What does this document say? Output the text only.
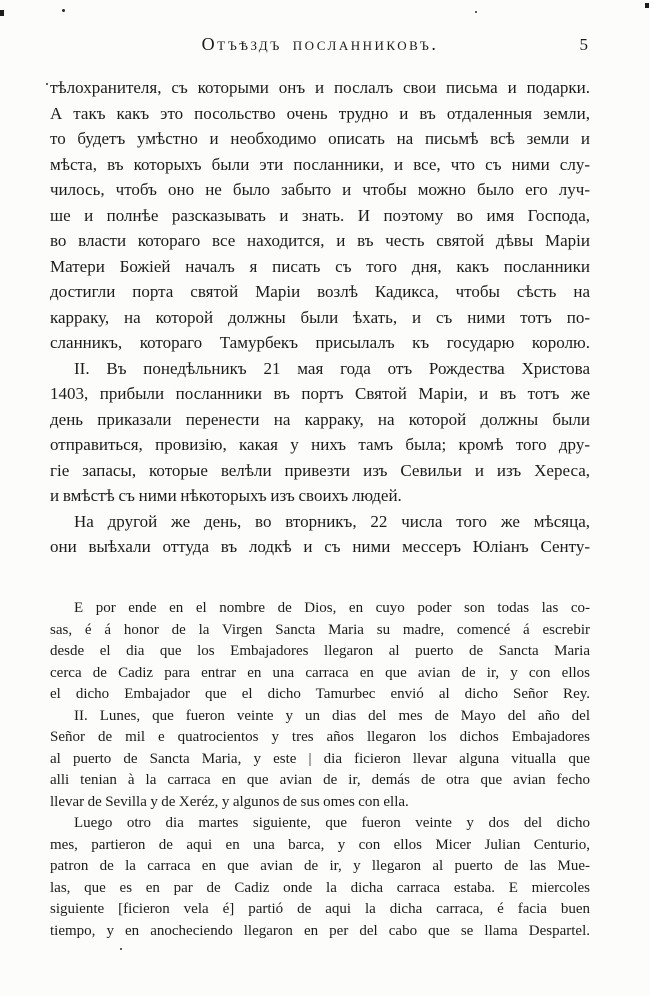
Отъѣздъ посланниковъ.	5
тѣлохранителя, съ которыми онъ и послалъ свои письма и подарки.
А такъ какъ это посольство очень трудно и въ отдаленныя земли,
то будетъ умѣстно и необходимо описать на письмѣ всѣ земли и
мѣста, въ которыхъ были эти посланники, и все, что съ ними слу-
чилось, чтобъ оно не было забыто и чтобы можно было его луч-
ше и полнѣе разсказывать и знать. И поэтому во имя Господа,
во власти котораго все находится, и въ честь святой дѣвы Маріи
Матери Божіей началъ я писать съ того дня, какъ посланники
достигли порта святой Маріи возлѣ Кадикса, чтобы сѣсть на
карраку, на которой должны были ѣхать, и съ ними тотъ по-
сланникъ, котораго Тамурбекъ присылалъ къ государю королю.
II. Въ понедѣльникъ 21 мая года отъ Рождества Христова
1403, прибыли посланники въ портъ Святой Маріи, и въ тотъ же
день приказали перенести на карраку, на которой должны были
отправиться, провизію, какая у нихъ тамъ была; кромѣ того дру-
гіе запасы, которые велѣли привезти изъ Севильи и изъ Хереса,
и вмѣстѣ съ ними нѣкоторыхъ изъ своихъ людей.
На другой же день, во вторникъ, 22 числа того же мѣсяца,
они выѣхали оттуда въ лодкѣ и съ ними мессеръ Юліанъ Сенту-
E por ende en el nombre de Dios, en cuyo poder son todas las co-
sas, é á honor de la Virgen Sancta Maria su madre, comencé á escrebir
desde el dia que los Embajadores llegaron al puerto de Sancta Maria
cerca de Cadiz para entrar en una carraca en que avian de ir, y con ellos
el dicho Embajador que el dicho Tamurbec envió al dicho Señor Rey.
II. Lunes, que fueron veinte y un dias del mes de Mayo del año del
Señor de mil e quatrocientos y tres años llegaron los dichos Embajadores
al puerto de Sancta Maria, y este | dia ficieron llevar alguna vitualla que
alli tenian à la carraca en que avian de ir, demás de otra que avian fecho
llevar de Sevilla y de Xeréz, y algunos de sus omes con ella.
Luego otro dia martes siguiente, que fueron veinte y dos del dicho
mes, partieron de aqui en una barca, y con ellos Micer Julian Centurio,
patron de la carraca en que avian de ir, y llegaron al puerto de las Mue-
las, que es en par de Cadiz onde la dicha carraca estaba. E miercoles
siguiente [ficieron vela é] partió de aqui la dicha carraca, é facia buen
tiempo, y en anocheciendo llegaron en per del cabo que se llama Despartel.
